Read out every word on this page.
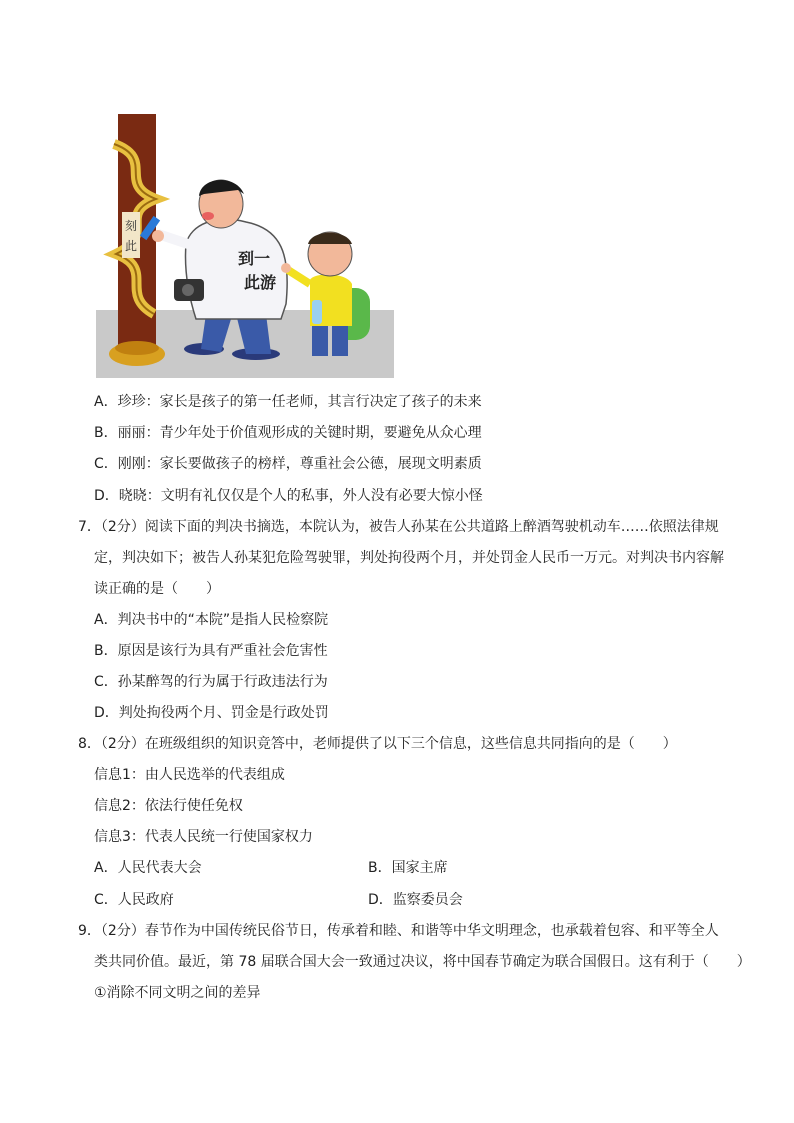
刻
此
到一
此游
A．珍珍：家长是孩子的第一任老师，其言行决定了孩子的未来
B．丽丽：青少年处于价值观形成的关键时期，要避免从众心理
C．刚刚：家长要做孩子的榜样，尊重社会公德，展现文明素质
D．晓晓：文明有礼仅仅是个人的私事，外人没有必要大惊小怪
7．（2分）阅读下面的判决书摘选，本院认为，被告人孙某在公共道路上醉酒驾驶机动车……依照法律规
定，判决如下；被告人孙某犯危险驾驶罪，判处拘役两个月，并处罚金人民币一万元。对判决书内容解
读正确的是（　　）
A．判决书中的“本院”是指人民检察院
B．原因是该行为具有严重社会危害性
C．孙某醉驾的行为属于行政违法行为
D．判处拘役两个月、罚金是行政处罚
8．（2分）在班级组织的知识竞答中，老师提供了以下三个信息，这些信息共同指向的是（　　）
信息1：由人民选举的代表组成
信息2：依法行使任免权
信息3：代表人民统一行使国家权力
A．人民代表大会	B．国家主席
C．人民政府	D．监察委员会
9．（2分）春节作为中国传统民俗节日，传承着和睦、和谐等中华文明理念，也承载着包容、和平等全人
类共同价值。最近，第 78 届联合国大会一致通过决议，将中国春节确定为联合国假日。这有利于（　　）
①消除不同文明之间的差异
